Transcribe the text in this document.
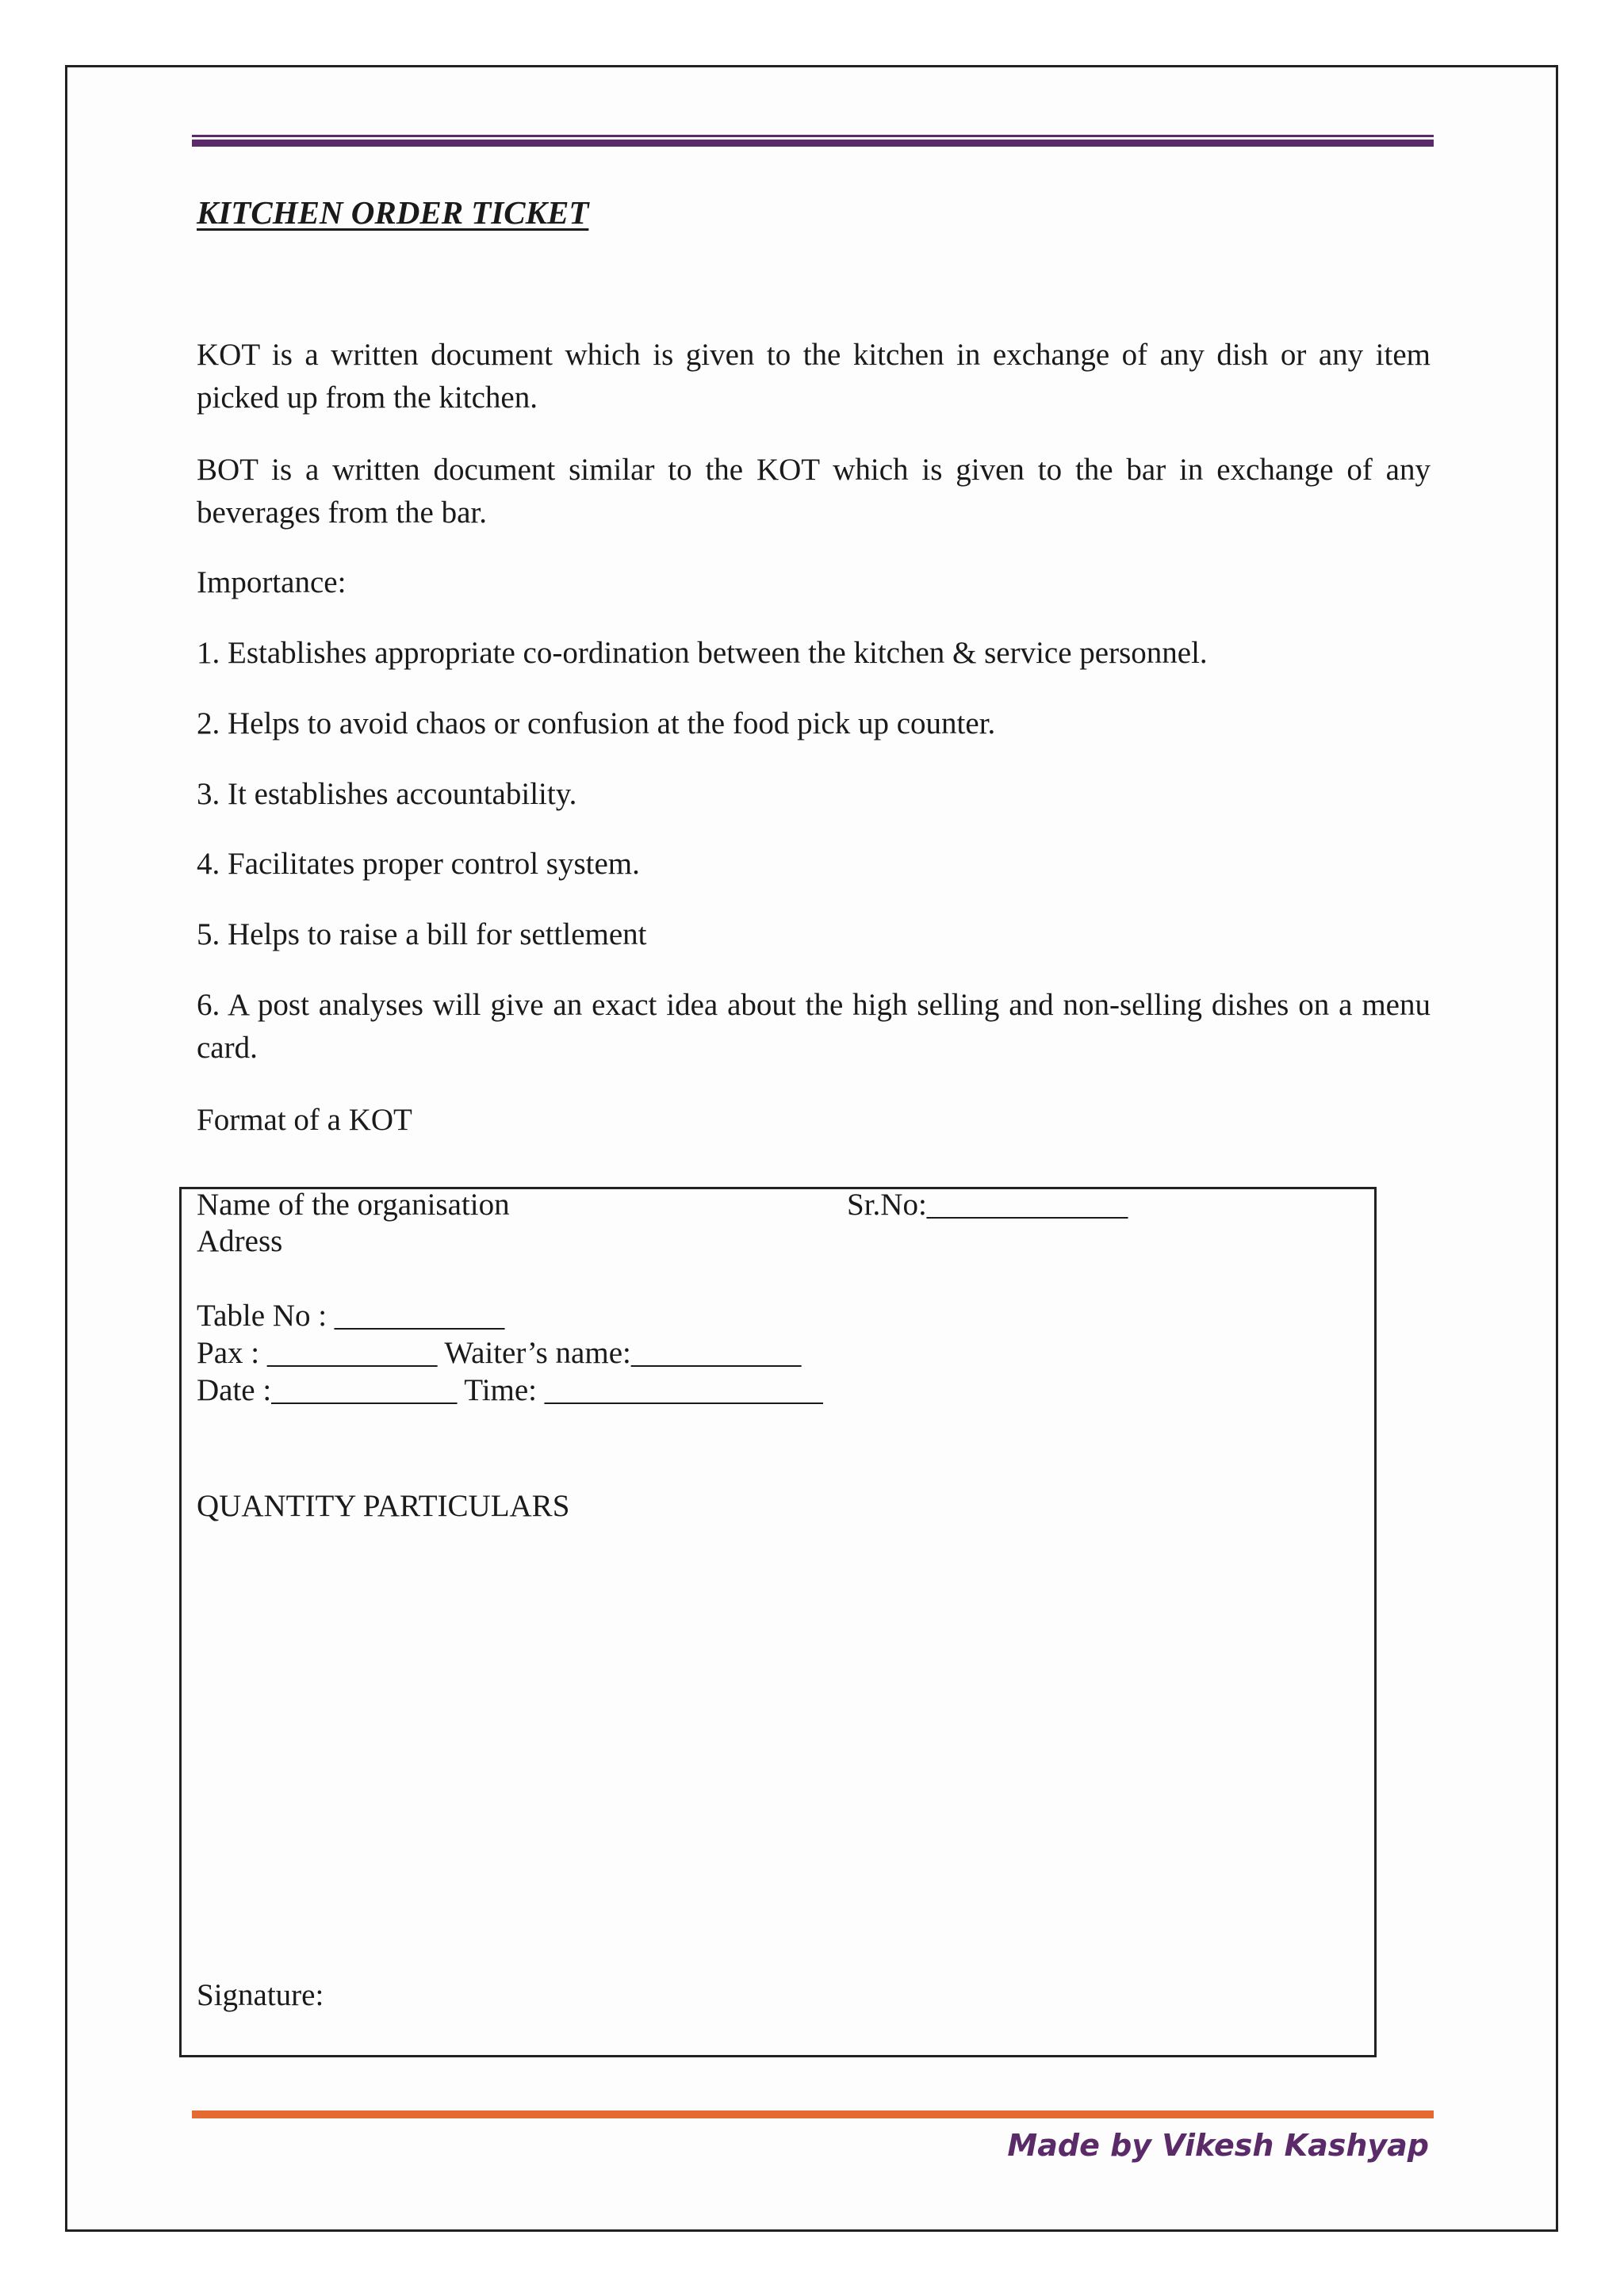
KITCHEN ORDER TICKET
KOT is a written document which is given to the kitchen in exchange of any dish or any item picked up from the kitchen.
BOT is a written document similar to the KOT which is given to the bar in exchange of any beverages from the bar.
Importance:
1. Establishes appropriate co-ordination between the kitchen & service personnel.
2. Helps to avoid chaos or confusion at the food pick up counter.
3. It establishes accountability.
4. Facilitates proper control system.
5. Helps to raise a bill for settlement
6. A post analyses will give an exact idea about the high selling and non-selling dishes on a menu card.
Format of a KOT
Name of the organisation	Sr.No:_____________
Adress
Table No : ___________
Pax : ___________ Waiter’s name:___________
Date :____________ Time: __________________
QUANTITY PARTICULARS
Signature:
Made by Vikesh Kashyap
